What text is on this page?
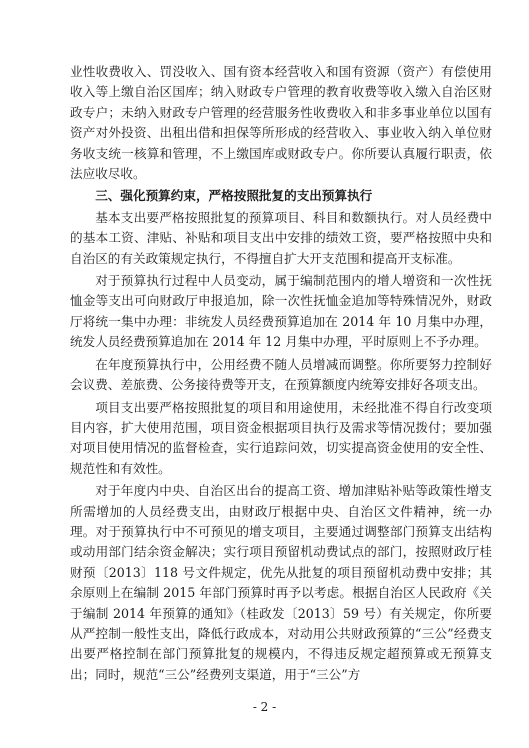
业性收费收入、罚没收入、国有资本经营收入和国有资源（资产）有偿使用收入等上缴自治区国库；纳入财政专户管理的教育收费等收入缴入自治区财政专户；未纳入财政专户管理的经营服务性收费收入和非多事业单位以国有资产对外投资、出租出借和担保等所形成的经营收入、事业收入纳入单位财务收支统一核算和管理，不上缴国库或财政专户。你所要认真履行职责，依法应收尽收。

三、强化预算约束，严格按照批复的支出预算执行

基本支出要严格按照批复的预算项目、科目和数额执行。对人员经费中的基本工资、津贴、补贴和项目支出中安排的绩效工资，要严格按照中央和自治区的有关政策规定执行，不得擅自扩大开支范围和提高开支标准。

对于预算执行过程中人员变动，属于编制范围内的增人增资和一次性抚恤金等支出可向财政厅申报追加，除一次性抚恤金追加等特殊情况外，财政厅将统一集中办理：非统发人员经费预算追加在 2014 年 10 月集中办理，统发人员经费预算追加在 2014 年 12 月集中办理，平时原则上不予办理。

在年度预算执行中，公用经费不随人员增减而调整。你所要努力控制好会议费、差旅费、公务接待费等开支，在预算额度内统筹安排好各项支出。

项目支出要严格按照批复的项目和用途使用，未经批准不得自行改变项目内容，扩大使用范围，项目资金根据项目执行及需求等情况拨付；要加强对项目使用情况的监督检查，实行追踪问效，切实提高资金使用的安全性、规范性和有效性。

对于年度内中央、自治区出台的提高工资、增加津贴补贴等政策性增支所需增加的人员经费支出，由财政厅根据中央、自治区文件精神，统一办理。对于预算执行中不可预见的增支项目，主要通过调整部门预算支出结构或动用部门结余资金解决；实行项目预留机动费试点的部门，按照财政厅桂财预〔2013〕118 号文件规定，优先从批复的项目预留机动费中安排；其余原则上在编制 2015 年部门预算时再予以考虑。根据自治区人民政府《关于编制 2014 年预算的通知》（桂政发〔2013〕59 号）有关规定，你所要从严控制一般性支出，降低行政成本，对动用公共财政预算的“三公”经费支出要严格控制在部门预算批复的规模内，不得违反规定超预算或无预算支出；同时，规范“三公”经费列支渠道，用于“三公”方

- 2 -
